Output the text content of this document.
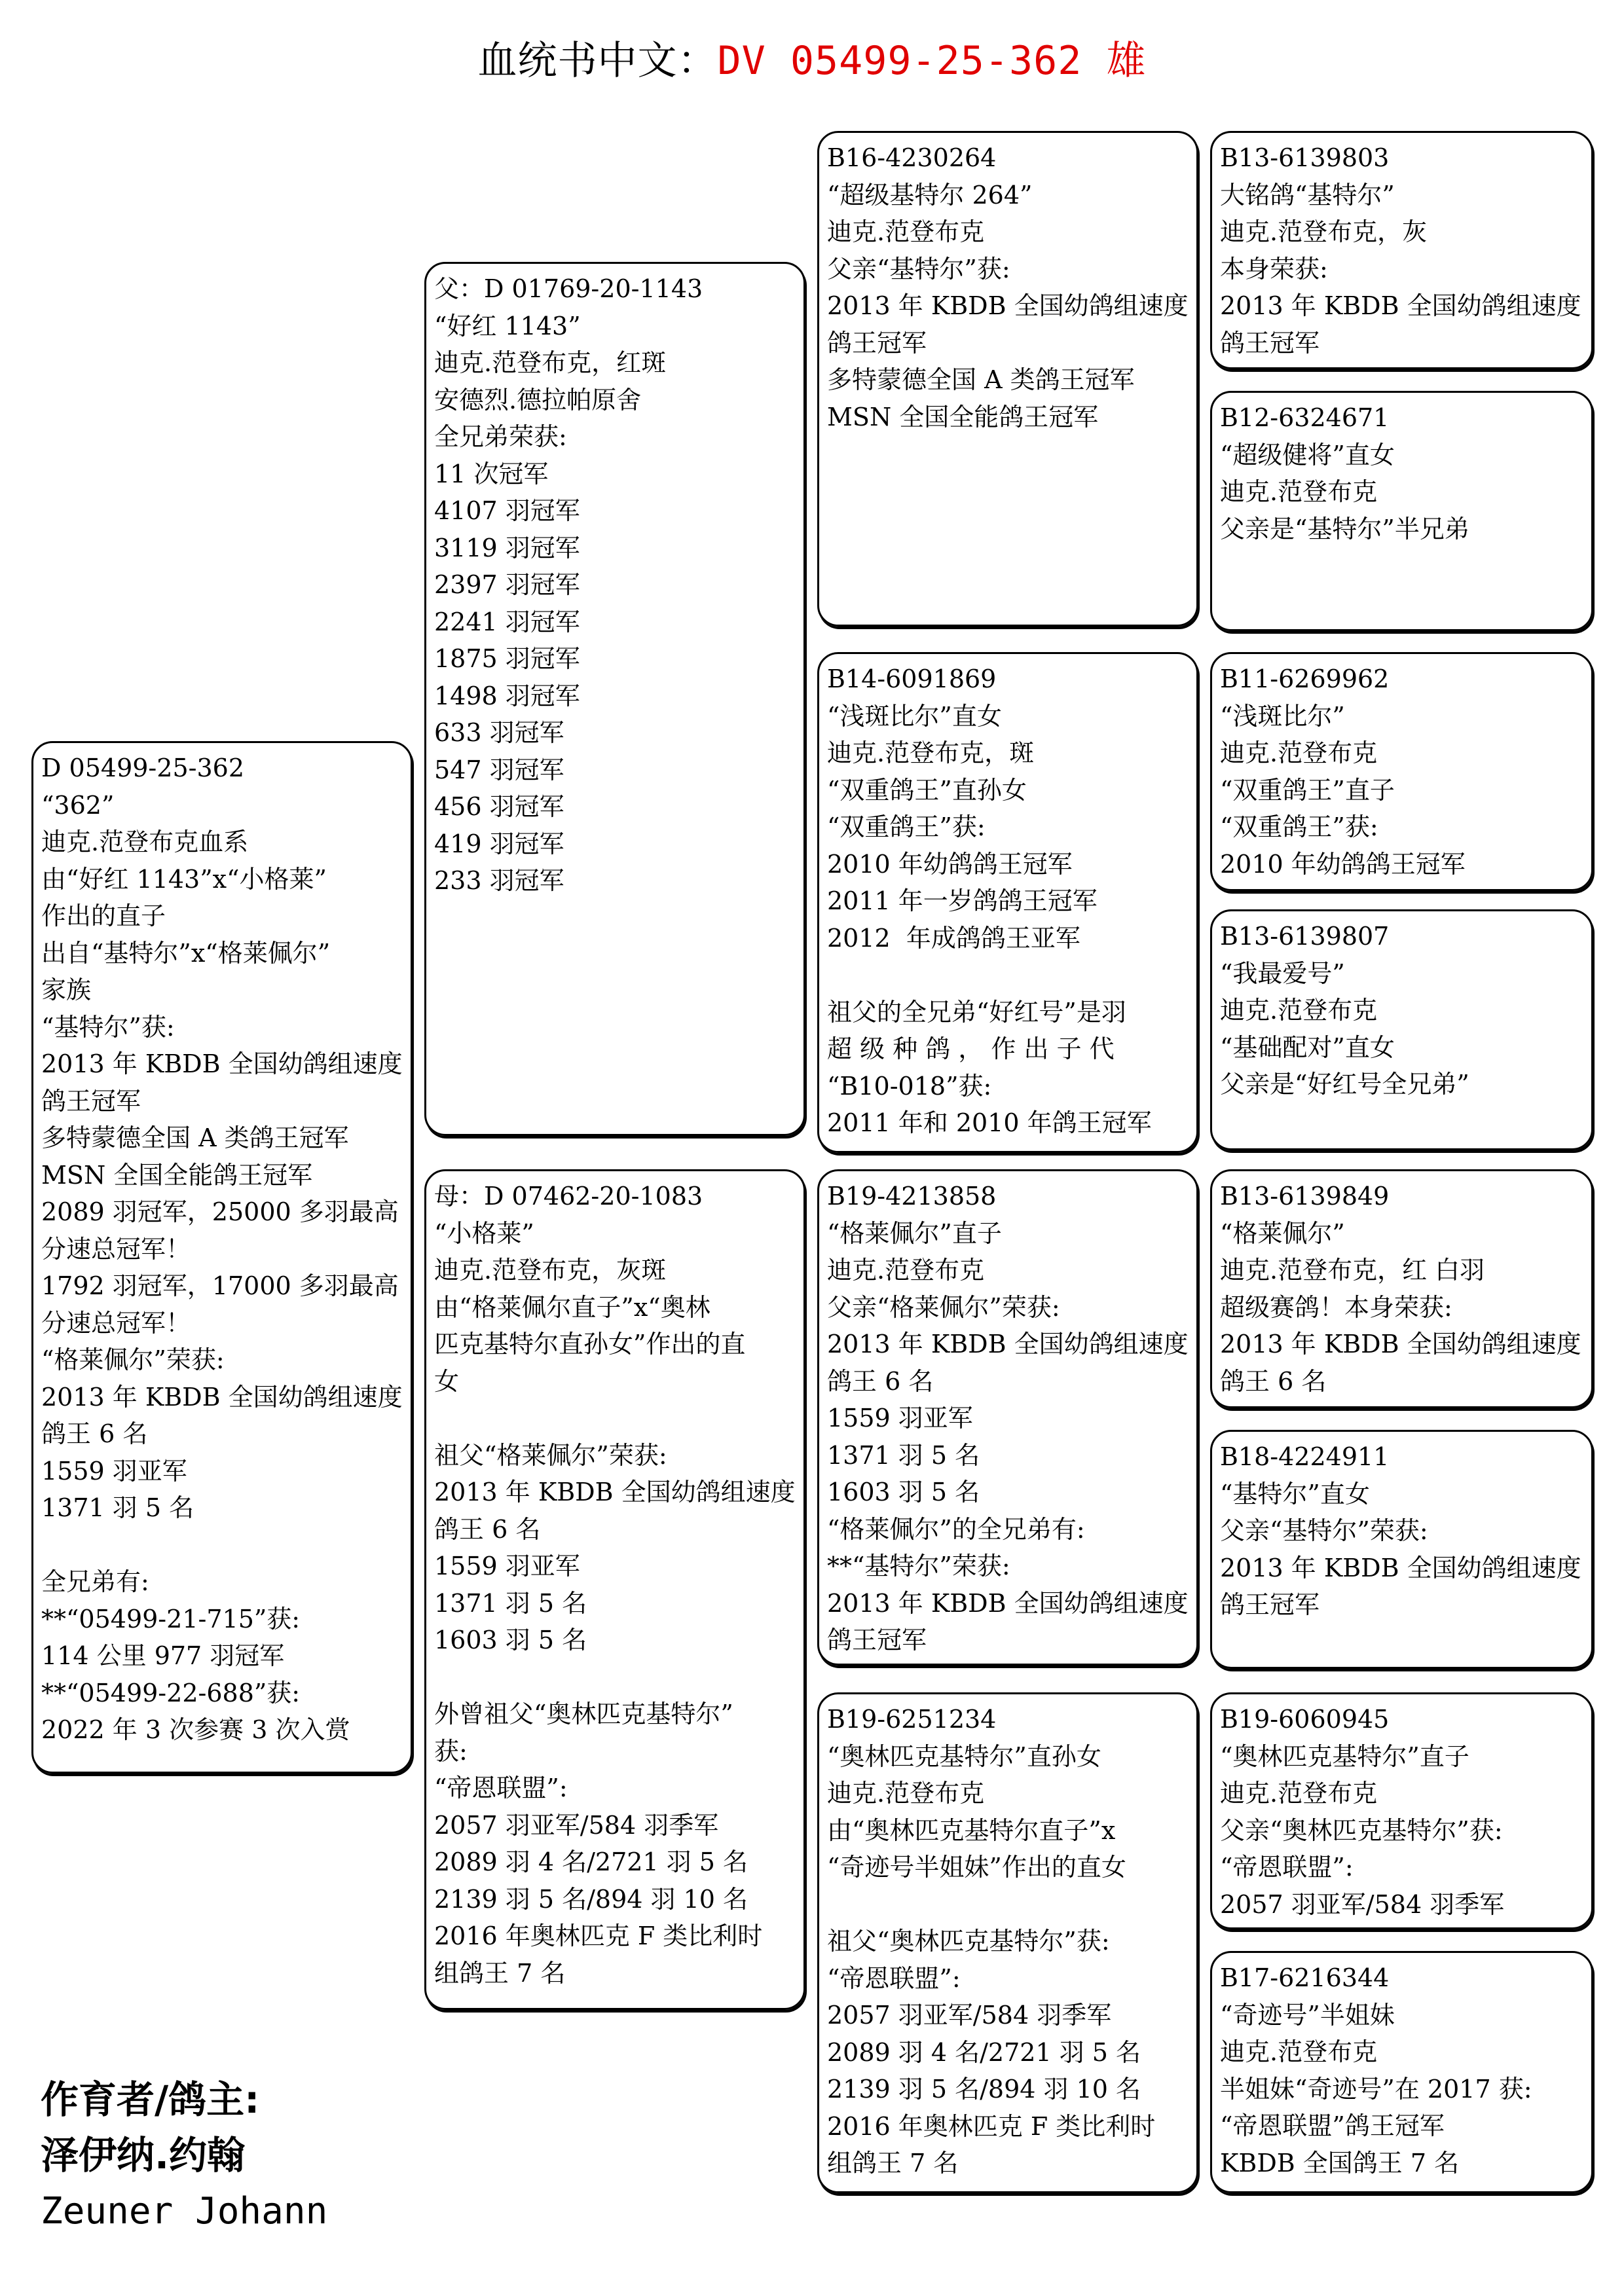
血统书中文：DV 05499-25-362 雄
D 05499-25-362
“362”
迪克.范登布克血系
由“好红 1143”x“小格莱”
作出的直子
出自“基特尔”x“格莱佩尔”
家族
“基特尔”获:
2013 年 KBDB 全国幼鸽组速度
鸽王冠军
多特蒙德全国 A 类鸽王冠军
MSN 全国全能鸽王冠军
2089 羽冠军，25000 多羽最高
分速总冠军！
1792 羽冠军，17000 多羽最高
分速总冠军！
“格莱佩尔”荣获:
2013 年 KBDB 全国幼鸽组速度
鸽王 6 名
1559 羽亚军
1371 羽 5 名
全兄弟有:
**“05499-21-715”获:
114 公里 977 羽冠军
**“05499-22-688”获:
2022 年 3 次参赛 3 次入赏
父：D 01769-20-1143
“好红 1143”
迪克.范登布克，红斑
安德烈.德拉帕原舍
全兄弟荣获:
11 次冠军
4107 羽冠军
3119 羽冠军
2397 羽冠军
2241 羽冠军
1875 羽冠军
1498 羽冠军
633 羽冠军
547 羽冠军
456 羽冠军
419 羽冠军
233 羽冠军
母：D 07462-20-1083
“小格莱”
迪克.范登布克，灰斑
由“格莱佩尔直子”x“奥林
匹克基特尔直孙女”作出的直
女
祖父“格莱佩尔”荣获:
2013 年 KBDB 全国幼鸽组速度
鸽王 6 名
1559 羽亚军
1371 羽 5 名
1603 羽 5 名
外曾祖父“奥林匹克基特尔”
获:
“帝恩联盟”:
2057 羽亚军/584 羽季军
2089 羽 4 名/2721 羽 5 名
2139 羽 5 名/894 羽 10 名
2016 年奥林匹克 F 类比利时
组鸽王 7 名
B16-4230264
“超级基特尔 264”
迪克.范登布克
父亲“基特尔”获:
2013 年 KBDB 全国幼鸽组速度
鸽王冠军
多特蒙德全国 A 类鸽王冠军
MSN 全国全能鸽王冠军
B14-6091869
“浅斑比尔”直女
迪克.范登布克，斑
“双重鸽王”直孙女
“双重鸽王”获:
2010 年幼鸽鸽王冠军
2011 年一岁鸽鸽王冠军
2012  年成鸽鸽王亚军
祖父的全兄弟“好红号”是羽
超 级 种 鸽 ， 作 出 子 代
“B10-018”获:
2011 年和 2010 年鸽王冠军
B19-4213858
“格莱佩尔”直子
迪克.范登布克
父亲“格莱佩尔”荣获:
2013 年 KBDB 全国幼鸽组速度
鸽王 6 名
1559 羽亚军
1371 羽 5 名
1603 羽 5 名
“格莱佩尔”的全兄弟有:
**“基特尔”荣获:
2013 年 KBDB 全国幼鸽组速度
鸽王冠军
B19-6251234
“奥林匹克基特尔”直孙女
迪克.范登布克
由“奥林匹克基特尔直子”x
“奇迹号半姐妹”作出的直女
祖父“奥林匹克基特尔”获:
“帝恩联盟”:
2057 羽亚军/584 羽季军
2089 羽 4 名/2721 羽 5 名
2139 羽 5 名/894 羽 10 名
2016 年奥林匹克 F 类比利时
组鸽王 7 名
B13-6139803
大铭鸽“基特尔”
迪克.范登布克，灰
本身荣获:
2013 年 KBDB 全国幼鸽组速度
鸽王冠军
B12-6324671
“超级健将”直女
迪克.范登布克
父亲是“基特尔”半兄弟
B11-6269962
“浅斑比尔”
迪克.范登布克
“双重鸽王”直子
“双重鸽王”获:
2010 年幼鸽鸽王冠军
B13-6139807
“我最爱号”
迪克.范登布克
“基础配对”直女
父亲是“好红号全兄弟”
B13-6139849
“格莱佩尔”
迪克.范登布克，红 白羽
超级赛鸽！本身荣获:
2013 年 KBDB 全国幼鸽组速度
鸽王 6 名
B18-4224911
“基特尔”直女
父亲“基特尔”荣获:
2013 年 KBDB 全国幼鸽组速度
鸽王冠军
B19-6060945
“奥林匹克基特尔”直子
迪克.范登布克
父亲“奥林匹克基特尔”获:
“帝恩联盟”:
2057 羽亚军/584 羽季军
B17-6216344
“奇迹号”半姐妹
迪克.范登布克
半姐妹“奇迹号”在 2017 获:
“帝恩联盟”鸽王冠军
KBDB 全国鸽王 7 名
作育者/鸽主:
泽伊纳.约翰
Zeuner Johann
